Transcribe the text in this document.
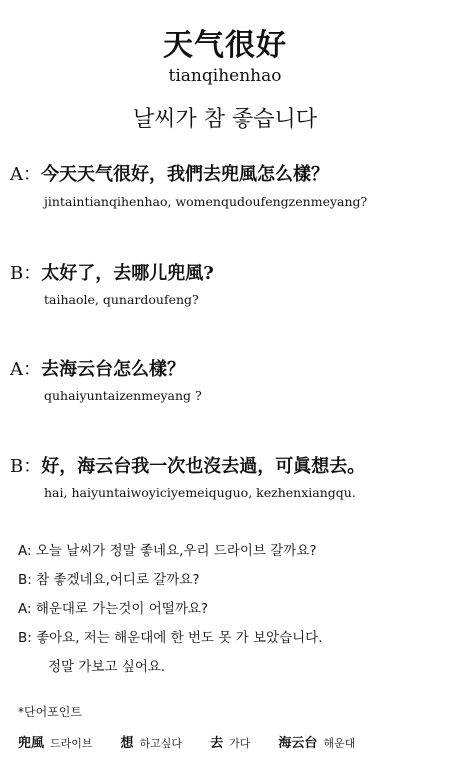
天气很好
tianqihenhao
날씨가 참 좋습니다
A：今天天气很好，我們去兜風怎么樣？
jintaintianqihenhao, womenqudoufengzenmeyang?
B：太好了，去哪儿兜風?
taihaole, qunardoufeng?
A：去海云台怎么樣？
quhaiyuntaizenmeyang ?
B：好，海云台我一次也沒去過，可眞想去。
hai, haiyuntaiwoyiciyemeiquguo, kezhenxiangqu.
A: 오늘 날씨가 정말 좋네요,우리 드라이브 갈까요?
B: 참 좋겠네요,어디로 갈까요?
A: 해운대로 가는것이 어떨까요?
B: 좋아요, 저는 해운대에 한 번도 못 가 보았습니다.
정말 가보고 싶어요.
*단어포인트
兜風 드라이브 想 하고싶다 去 가다 海云台 해운대
